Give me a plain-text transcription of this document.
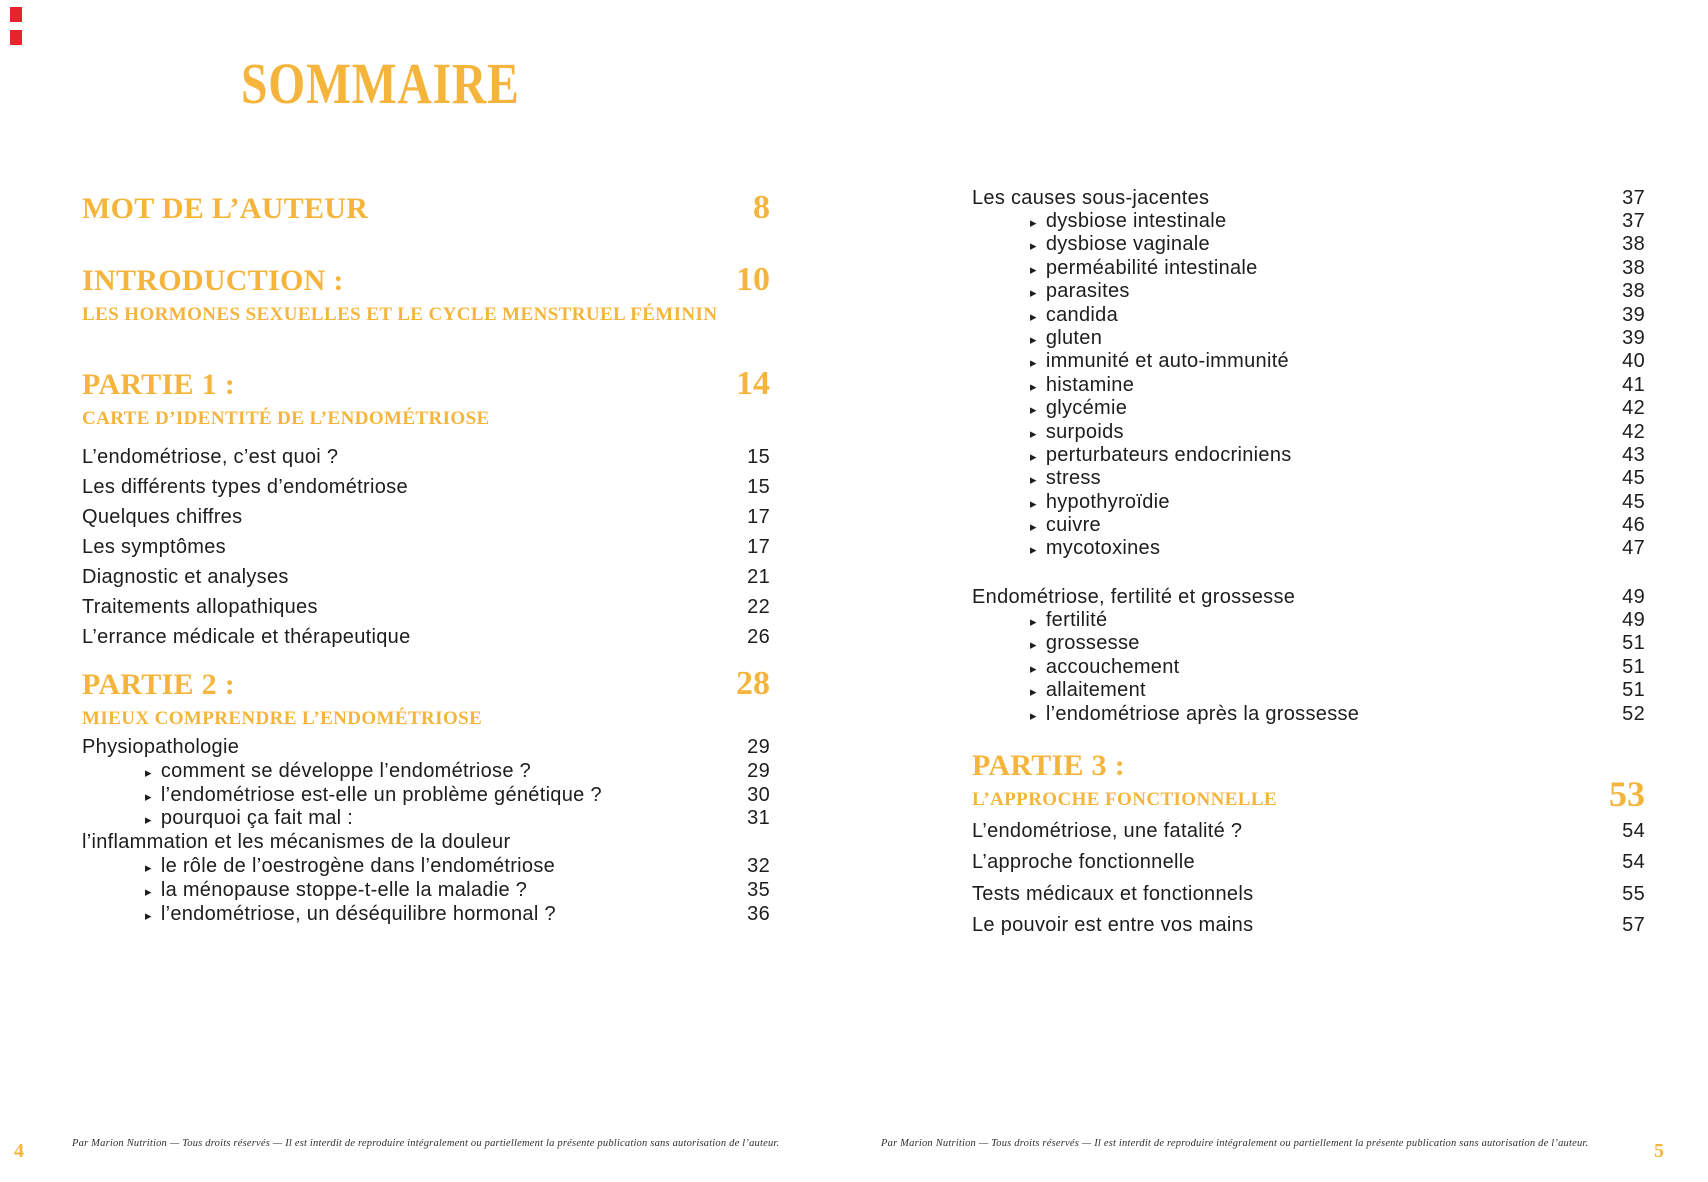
SOMMAIRE
MOT DE L’AUTEUR	8
INTRODUCTION :	10
LES HORMONES SEXUELLES ET LE CYCLE MENSTRUEL FÉMININ
PARTIE 1 :	14
CARTE D’IDENTITÉ DE L’ENDOMÉTRIOSE
L’endométriose, c’est quoi ?	15
Les différents types d’endométriose	15
Quelques chiffres	17
Les symptômes	17
Diagnostic et analyses	21
Traitements allopathiques	22
L’errance médicale et thérapeutique	26
PARTIE 2 :	28
MIEUX COMPRENDRE L’ENDOMÉTRIOSE
Physiopathologie	29
▸ comment se développe l’endométriose ?	29
▸ l’endométriose est-elle un problème génétique ?	30
▸ pourquoi ça fait mal :	31
l’inflammation et les mécanismes de la douleur
▸ le rôle de l’oestrogène dans l’endométriose	32
▸ la ménopause stoppe-t-elle la maladie ?	35
▸ l’endométriose, un déséquilibre hormonal ?	36
Les causes sous-jacentes	37
▸ dysbiose intestinale	37
▸ dysbiose vaginale	38
▸ perméabilité intestinale	38
▸ parasites	38
▸ candida	39
▸ gluten	39
▸ immunité et auto-immunité	40
▸ histamine	41
▸ glycémie	42
▸ surpoids	42
▸ perturbateurs endocriniens	43
▸ stress	45
▸ hypothyroïdie	45
▸ cuivre	46
▸ mycotoxines	47
Endométriose, fertilité et grossesse	49
▸ fertilité	49
▸ grossesse	51
▸ accouchement	51
▸ allaitement	51
▸ l’endométriose après la grossesse	52
PARTIE 3 :
L’APPROCHE FONCTIONNELLE	53
L’endométriose, une fatalité ?	54
L’approche fonctionnelle	54
Tests médicaux et fonctionnels	55
Le pouvoir est entre vos mains	57
Par Marion Nutrition — Tous droits réservés — Il est interdit de reproduire intégralement ou partiellement la présente publication sans autorisation de l’auteur.	Par Marion Nutrition — Tous droits réservés — Il est interdit de reproduire intégralement ou partiellement la présente publication sans autorisation de l’auteur.
4	5
